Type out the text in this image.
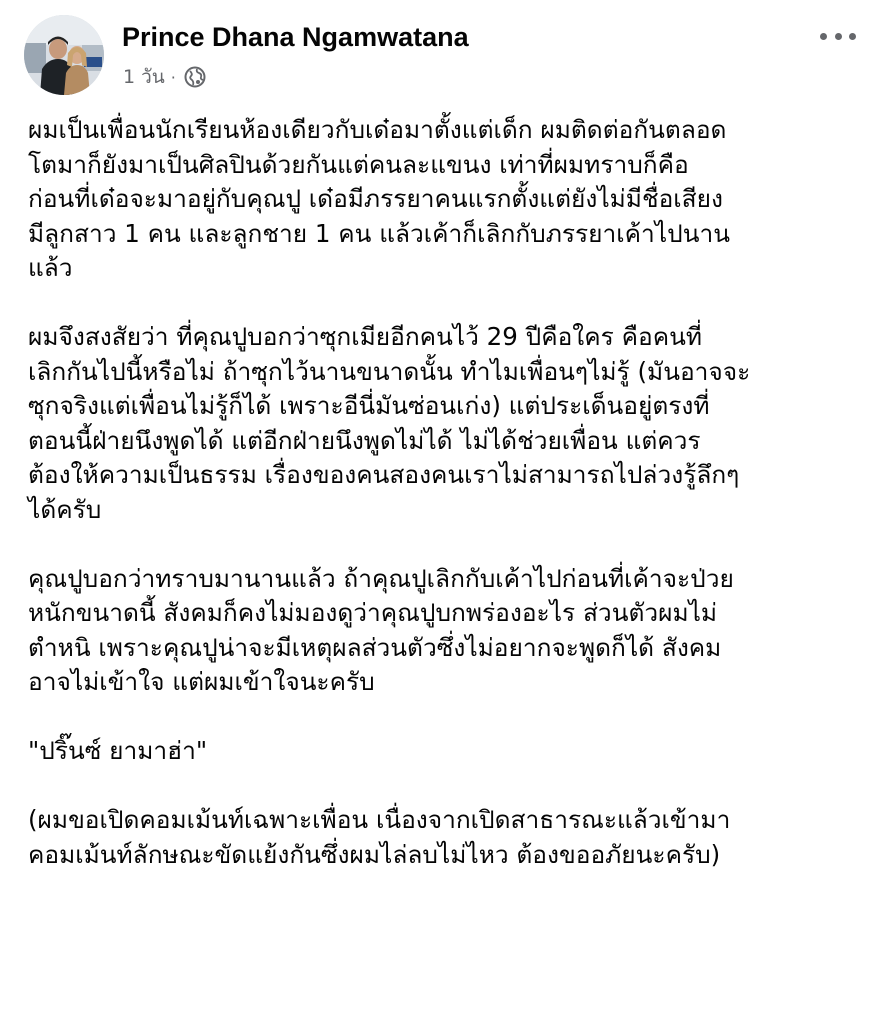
Prince Dhana Ngamwatana
1 วัน ·

ผมเป็นเพื่อนนักเรียนห้องเดียวกับเด๋อมาตั้งแต่เด็ก ผมติดต่อกันตลอด
โตมาก็ยังมาเป็นศิลปินด้วยกันแต่คนละแขนง เท่าที่ผมทราบก็คือ
ก่อนที่เด๋อจะมาอยู่กับคุณปู เด๋อมีภรรยาคนแรกตั้งแต่ยังไม่มีชื่อเสียง
มีลูกสาว 1 คน และลูกชาย 1 คน แล้วเค้าก็เลิกกับภรรยาเค้าไปนาน
แล้ว

ผมจึงสงสัยว่า ที่คุณปูบอกว่าซุกเมียอีกคนไว้ 29 ปีคือใคร คือคนที่
เลิกกันไปนี้หรือไม่ ถ้าซุกไว้นานขนาดนั้น ทำไมเพื่อนๆไม่รู้ (มันอาจจะ
ซุกจริงแต่เพื่อนไม่รู้ก็ได้ เพราะอีนี่มันซ่อนเก่ง) แต่ประเด็นอยู่ตรงที่
ตอนนี้ฝ่ายนึงพูดได้ แต่อีกฝ่ายนึงพูดไม่ได้ ไม่ได้ช่วยเพื่อน แต่ควร
ต้องให้ความเป็นธรรม เรื่องของคนสองคนเราไม่สามารถไปล่วงรู้ลึกๆ
ได้ครับ

คุณปูบอกว่าทราบมานานแล้ว ถ้าคุณปูเลิกกับเค้าไปก่อนที่เค้าจะป่วย
หนักขนาดนี้ สังคมก็คงไม่มองดูว่าคุณปูบกพร่องอะไร ส่วนตัวผมไม่
ตำหนิ เพราะคุณปูน่าจะมีเหตุผลส่วนตัวซึ่งไม่อยากจะพูดก็ได้ สังคม
อาจไม่เข้าใจ แต่ผมเข้าใจนะครับ

"ปริ๊นซ์ ยามาฮ่า"

(ผมขอเปิดคอมเม้นท์เฉพาะเพื่อน เนื่องจากเปิดสาธารณะแล้วเข้ามา
คอมเม้นท์ลักษณะขัดแย้งกันซึ่งผมไล่ลบไม่ไหว ต้องขออภัยนะครับ)
